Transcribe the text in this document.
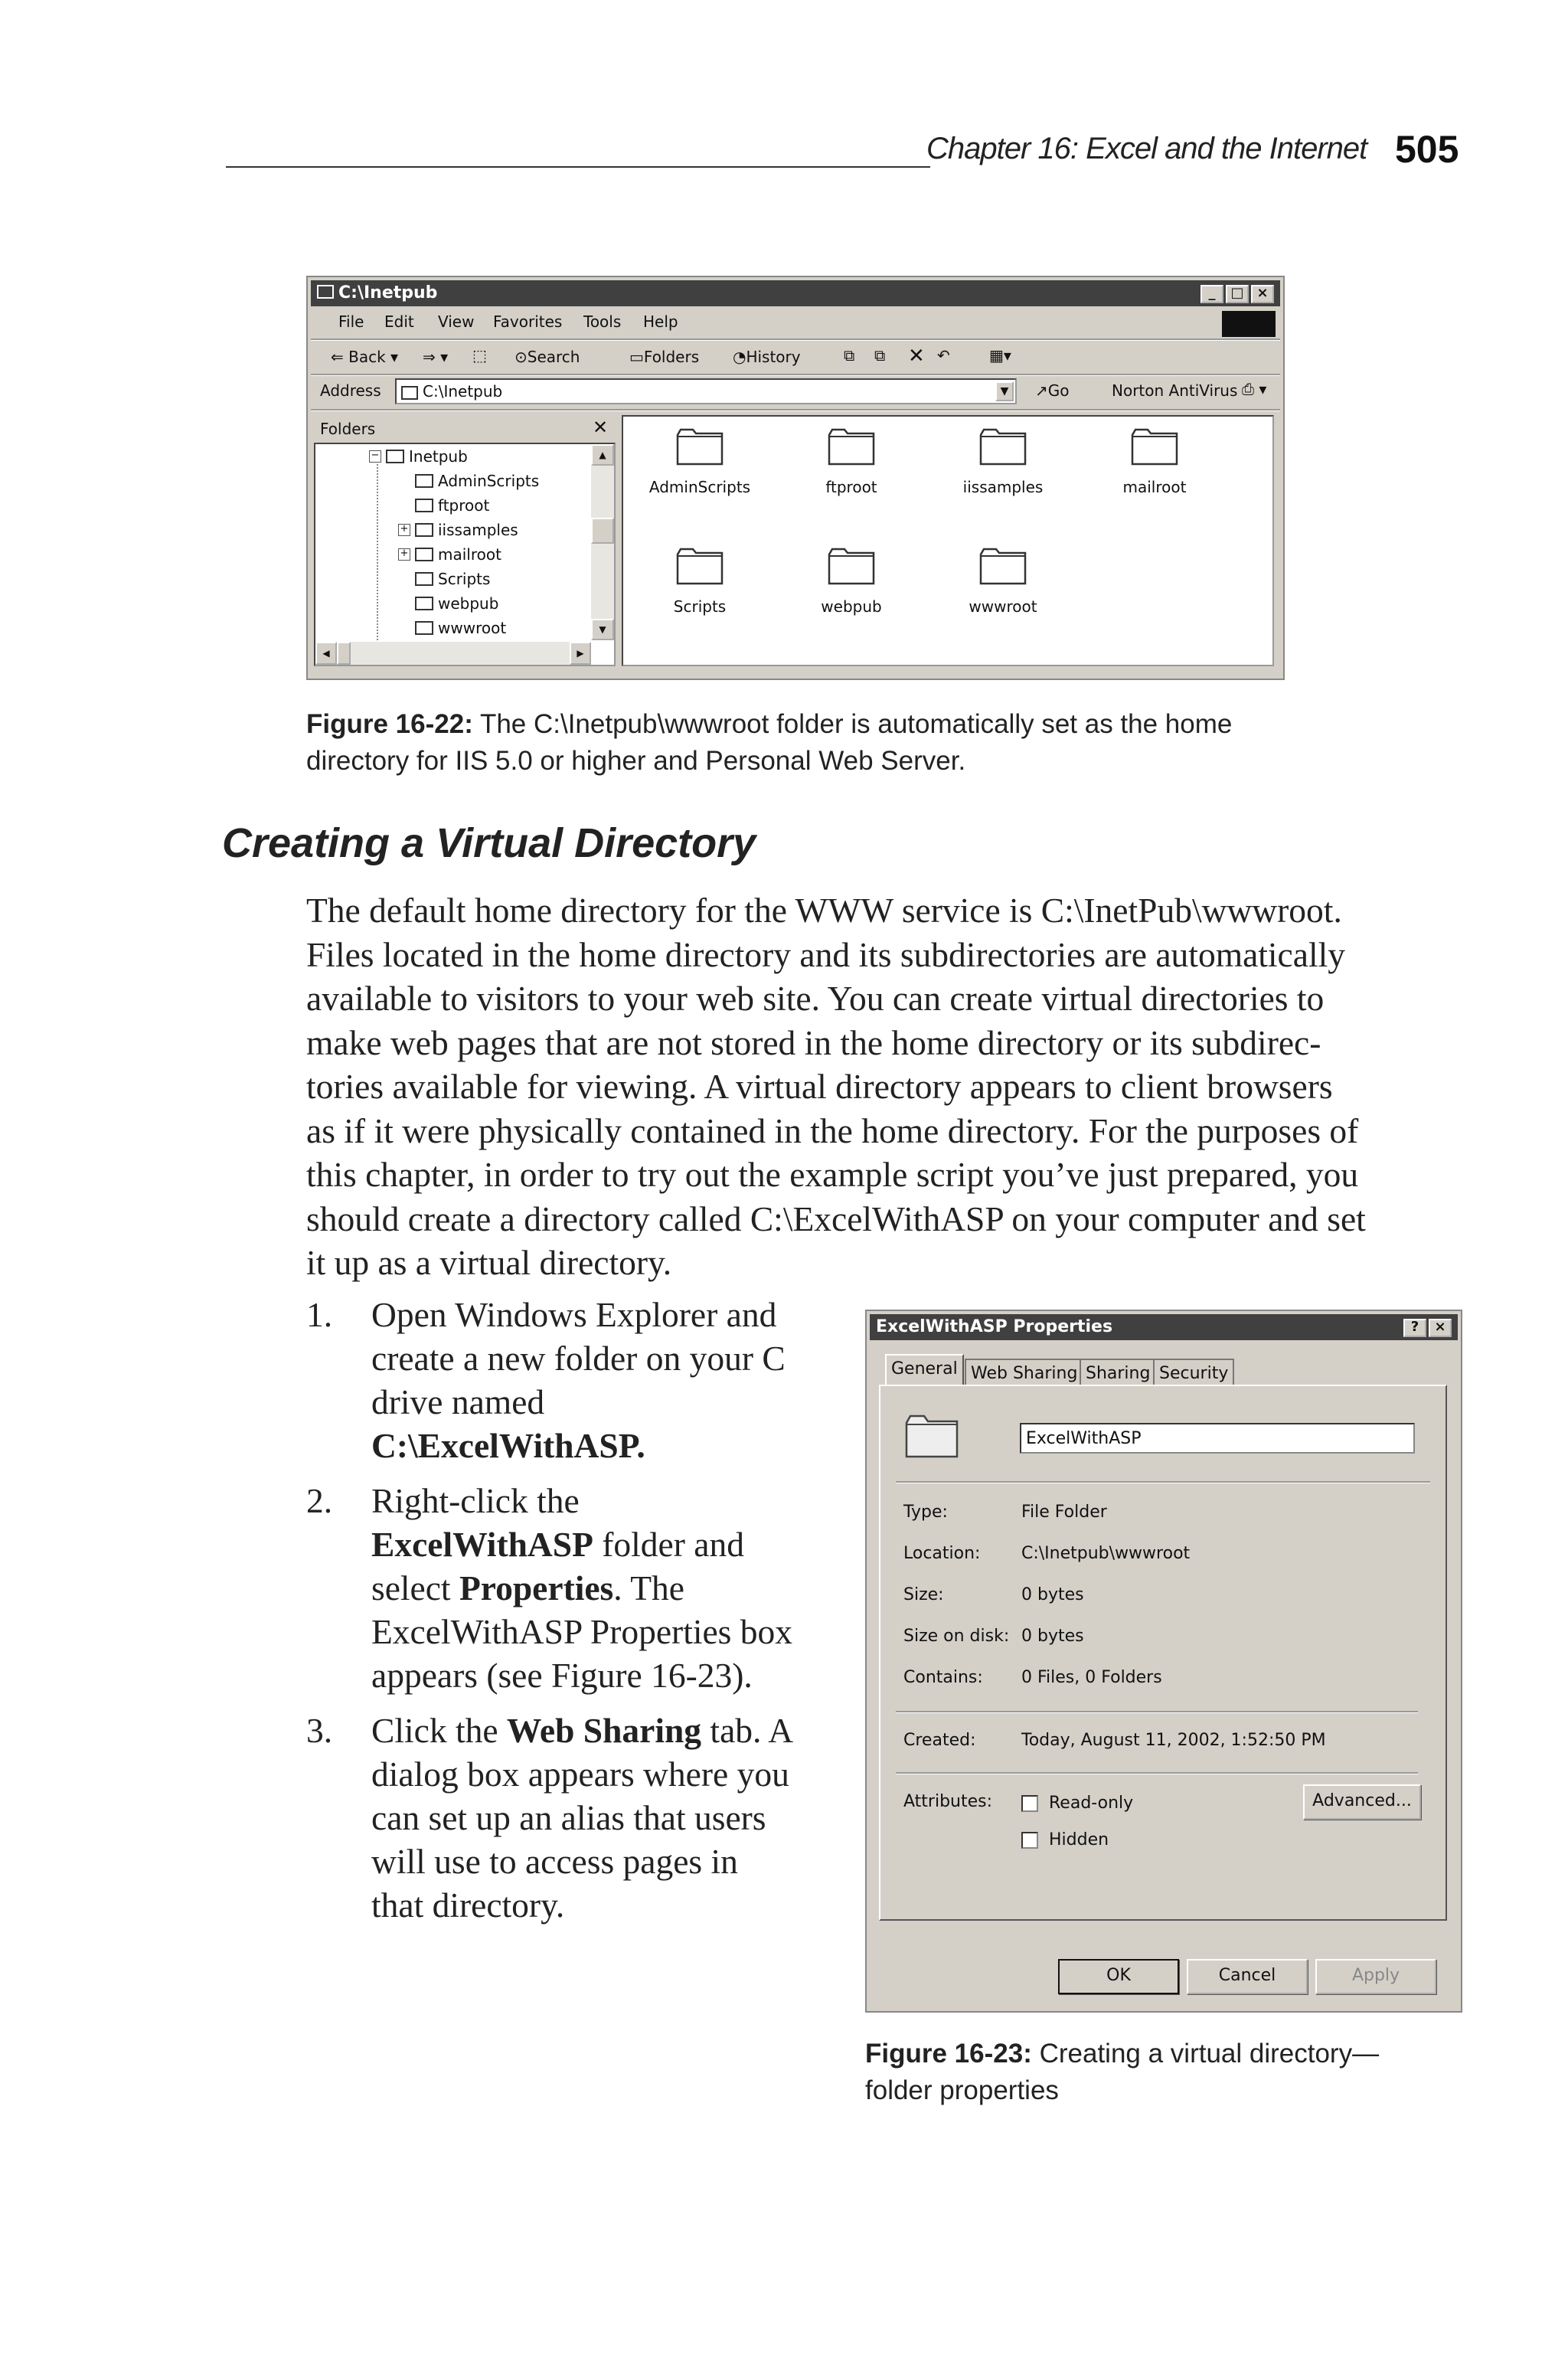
Chapter 16: Excel and the Internet 505
C:\Inetpub	_	□ ×
File Edit View Favorites Tools Help
⇐ Back ▾ ⇒ ▾ ⬚ ⊙Search	▭Folders ◔History	⧉ ⧉ ✕ ↶	▦▾
Address	C:\Inetpub	▼	↗Go	Norton AntiVirus ⎙ ▾
Folders	✕
− Inetpub
AdminScripts
ftproot
+ iissamples
+ mailroot
Scripts
webpub
wwwroot
▲
▼
◀	▶
AdminScripts	ftproot	iissamples	mailroot
Scripts	webpub	wwwroot
Figure 16-22: The C:\Inetpub\wwwroot folder is automatically set as the home
directory for IIS 5.0 or higher and Personal Web Server.
Creating a Virtual Directory
The default home directory for the WWW service is C:\InetPub\wwwroot.
Files located in the home directory and its subdirectories are automatically
available to visitors to your web site. You can create virtual directories to
make web pages that are not stored in the home directory or its subdirec-
tories available for viewing. A virtual directory appears to client browsers
as if it were physically contained in the home directory. For the purposes of
this chapter, in order to try out the example script you’ve just prepared, you
should create a directory called C:\ExcelWithASP on your computer and set
it up as a virtual directory.
1. Open Windows Explorer and
create a new folder on your C
drive named
C:\ExcelWithASP.
2. Right-click the
ExcelWithASP folder and
select Properties. The
ExcelWithASP Properties box
appears (see Figure 16-23).
3. Click the Web Sharing tab. A
dialog box appears where you
can set up an alias that users
will use to access pages in
that directory.
ExcelWithASP Properties	?	×
General Web Sharing Sharing Security
ExcelWithASP
Type:	File Folder
Location: C:\Inetpub\wwwroot
Size:	0 bytes
Size on disk: 0 bytes
Contains: 0 Files, 0 Folders
Created:	Today, August 11, 2002, 1:52:50 PM
Attributes:	Read-only
Hidden
Advanced...
OK	Cancel	Apply
Figure 16-23: Creating a virtual directory—
folder properties
